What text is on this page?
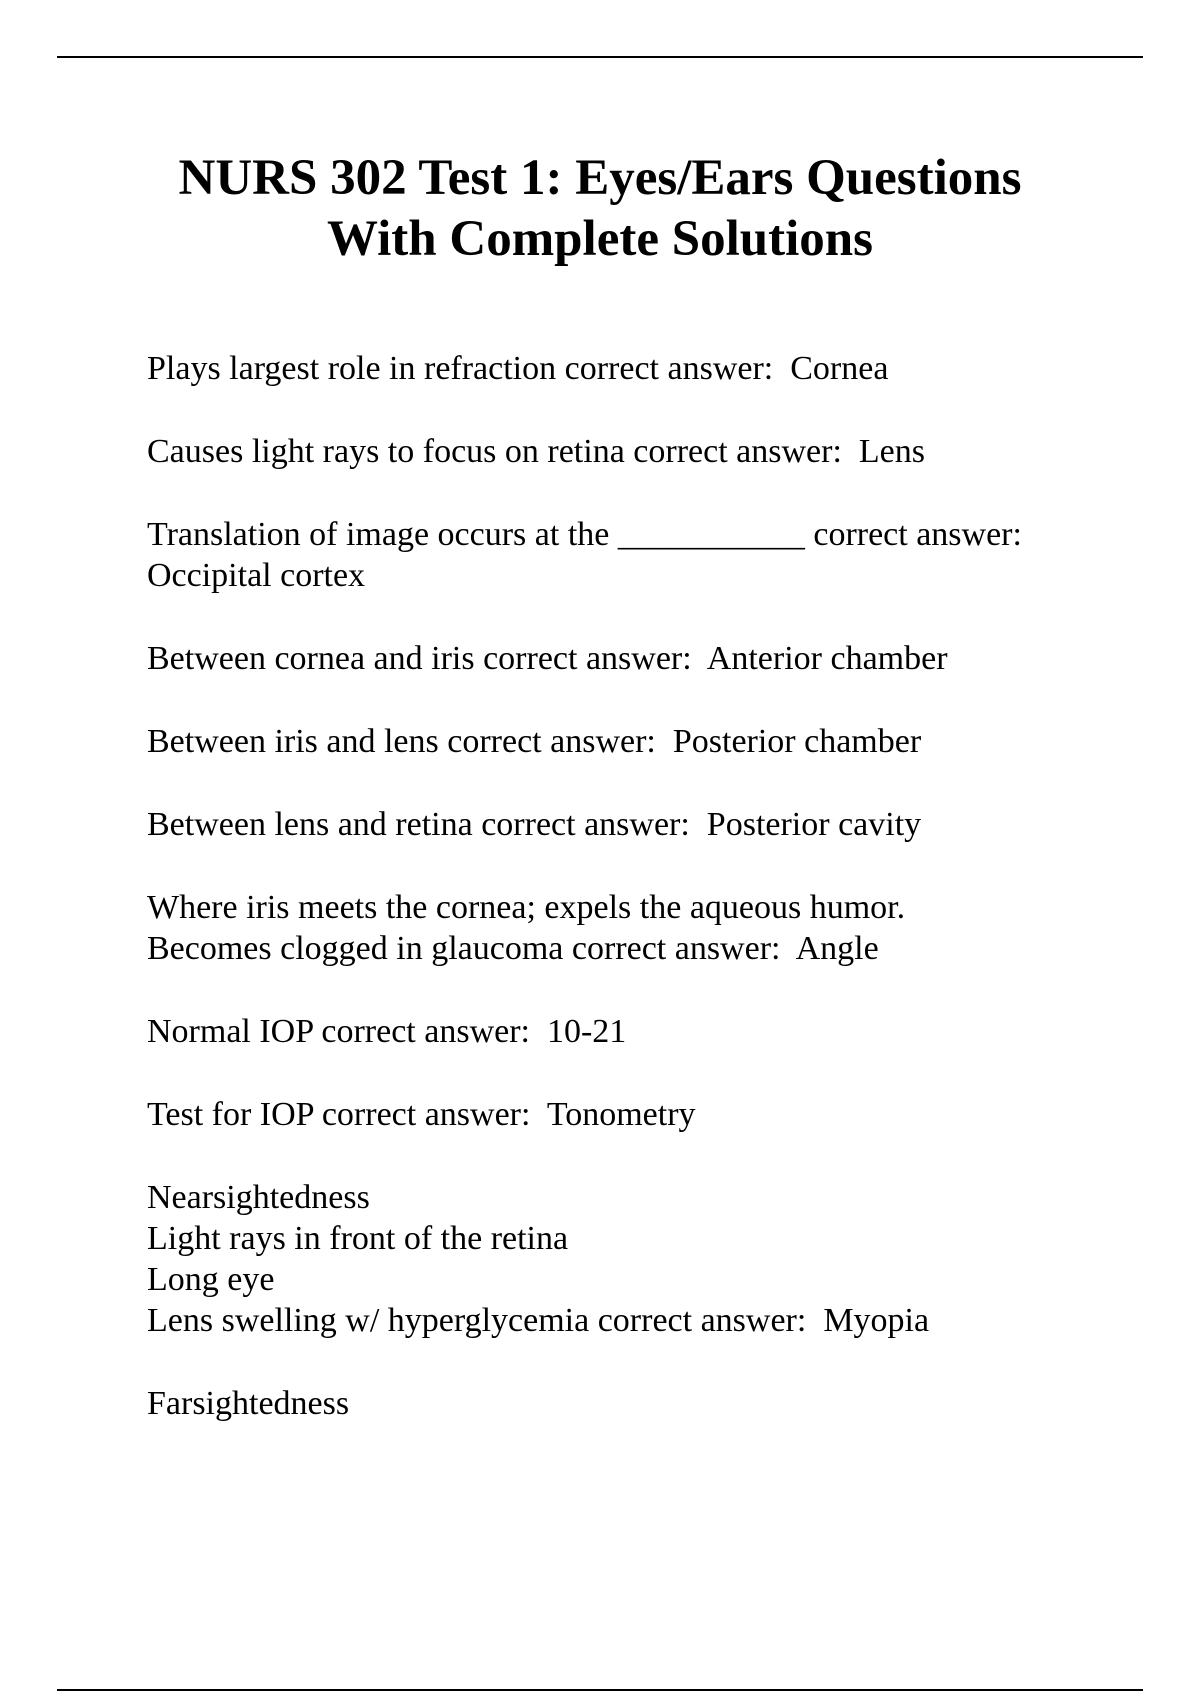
NURS 302 Test 1: Eyes/Ears Questions
With Complete Solutions
Plays largest role in refraction correct answer:  Cornea
Causes light rays to focus on retina correct answer:  Lens
Translation of image occurs at the ___________ correct answer:
Occipital cortex
Between cornea and iris correct answer:  Anterior chamber
Between iris and lens correct answer:  Posterior chamber
Between lens and retina correct answer:  Posterior cavity
Where iris meets the cornea; expels the aqueous humor.
Becomes clogged in glaucoma correct answer:  Angle
Normal IOP correct answer:  10-21
Test for IOP correct answer:  Tonometry
Nearsightedness
Light rays in front of the retina
Long eye
Lens swelling w/ hyperglycemia correct answer:  Myopia
Farsightedness
